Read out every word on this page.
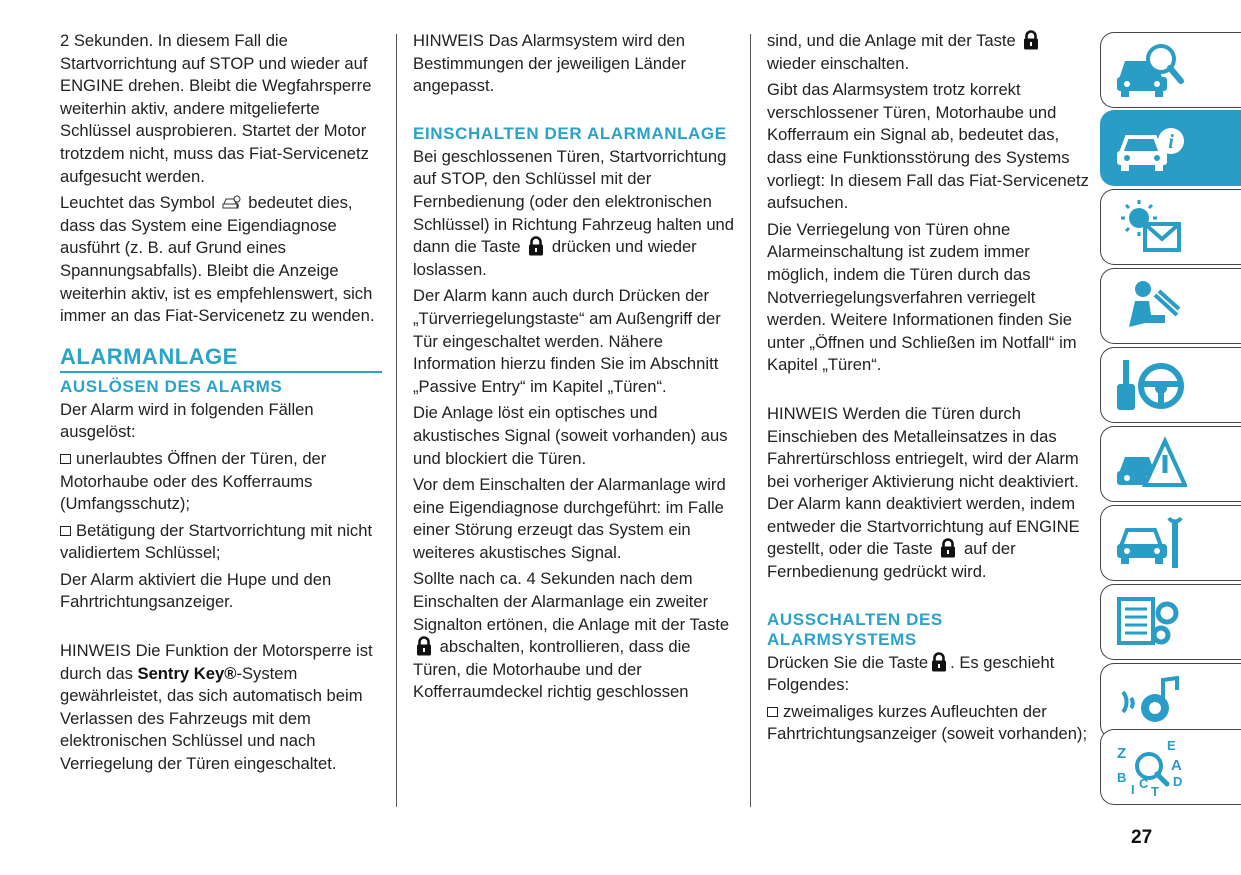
2 Sekunden. In diesem Fall die Startvorrichtung auf STOP und wieder auf ENGINE drehen. Bleibt die Wegfahrsperre weiterhin aktiv, andere mitgelieferte Schlüssel ausprobieren. Startet der Motor trotzdem nicht, muss das Fiat-Servicenetz aufgesucht werden.

Leuchtet das Symbol bedeutet dies, dass das System eine Eigendiagnose ausführt (z. B. auf Grund eines Spannungsabfalls). Bleibt die Anzeige weiterhin aktiv, ist es empfehlenswert, sich immer an das Fiat-Servicenetz zu wenden.

ALARMANLAGE
AUSLÖSEN DES ALARMS

Der Alarm wird in folgenden Fällen ausgelöst:

unerlaubtes Öffnen der Türen, der Motorhaube oder des Kofferraums (Umfangsschutz);

Betätigung der Startvorrichtung mit nicht validiertem Schlüssel;

Der Alarm aktiviert die Hupe und den Fahrtrichtungsanzeiger.

HINWEIS Die Funktion der Motorsperre ist durch das Sentry Key®-System gewährleistet, das sich automatisch beim Verlassen des Fahrzeugs mit dem elektronischen Schlüssel und nach Verriegelung der Türen eingeschaltet.

HINWEIS Das Alarmsystem wird den Bestimmungen der jeweiligen Länder angepasst.

EINSCHALTEN DER ALARMANLAGE

Bei geschlossenen Türen, Startvorrichtung auf STOP, den Schlüssel mit der Fernbedienung (oder den elektronischen Schlüssel) in Richtung Fahrzeug halten und dann die Taste drücken und wieder loslassen.

Der Alarm kann auch durch Drücken der „Türverriegelungstaste“ am Außengriff der Tür eingeschaltet werden. Nähere Information hierzu finden Sie im Abschnitt „Passive Entry“ im Kapitel „Türen“.

Die Anlage löst ein optisches und akustisches Signal (soweit vorhanden) aus und blockiert die Türen.

Vor dem Einschalten der Alarmanlage wird eine Eigendiagnose durchgeführt: im Falle einer Störung erzeugt das System ein weiteres akustisches Signal.

Sollte nach ca. 4 Sekunden nach dem Einschalten der Alarmanlage ein zweiter Signalton ertönen, die Anlage mit der Taste  abschalten, kontrollieren, dass die Türen, die Motorhaube und der Kofferraumdeckel richtig geschlossen

sind, und die Anlage mit der Taste  wieder einschalten.

Gibt das Alarmsystem trotz korrekt verschlossener Türen, Motorhaube und Kofferraum ein Signal ab, bedeutet das, dass eine Funktionsstörung des Systems vorliegt: In diesem Fall das Fiat-Servicenetz aufsuchen.

Die Verriegelung von Türen ohne Alarmeinschaltung ist zudem immer möglich, indem die Türen durch das Notverriegelungsverfahren verriegelt werden. Weitere Informationen finden Sie unter „Öffnen und Schließen im Notfall“ im Kapitel „Türen“.

HINWEIS Werden die Türen durch Einschieben des Metalleinsatzes in das Fahrertürschloss entriegelt, wird der Alarm bei vorheriger Aktivierung nicht deaktiviert. Der Alarm kann deaktiviert werden, indem entweder die Startvorrichtung auf ENGINE gestellt, oder die Taste auf der Fernbedienung gedrückt wird.

AUSSCHALTEN DES ALARMSYSTEMS

Drücken Sie die Taste . Es geschieht Folgendes:

zweimaliges kurzes Aufleuchten der Fahrtrichtungsanzeiger (soweit vorhanden);

i
Z	E
B
A
I C
T
D
27
